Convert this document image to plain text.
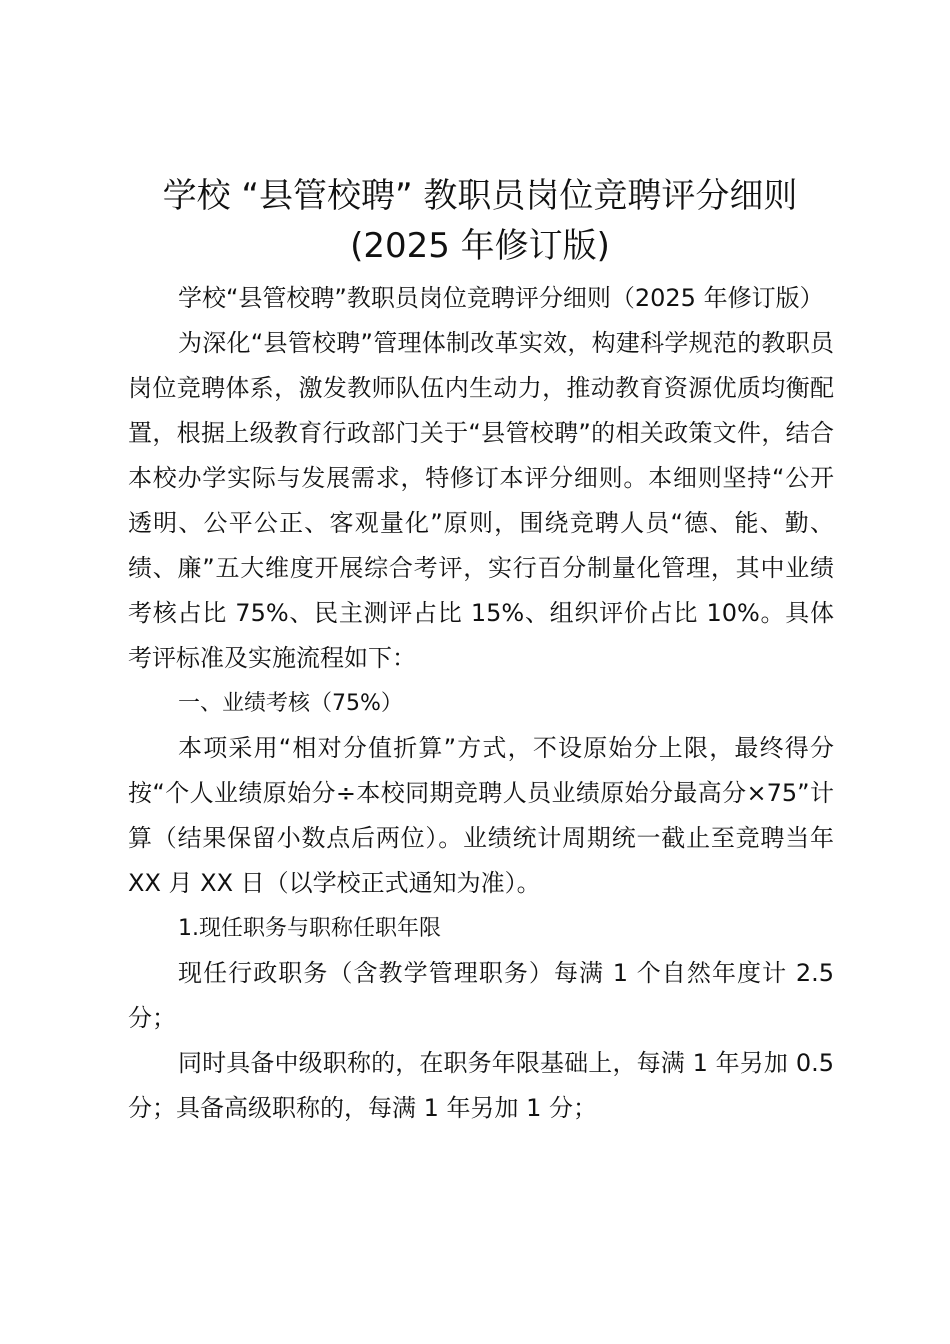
学校 “县管校聘” 教职员岗位竞聘评分细则
(2025 年修订版)

学校“县管校聘”教职员岗位竞聘评分细则（2025 年修订版）

为深化“县管校聘”管理体制改革实效，构建科学规范的教职员岗位竞聘体系，激发教师队伍内生动力，推动教育资源优质均衡配置，根据上级教育行政部门关于“县管校聘”的相关政策文件，结合本校办学实际与发展需求，特修订本评分细则。本细则坚持“公开透明、公平公正、客观量化”原则，围绕竞聘人员“德、能、勤、绩、廉”五大维度开展综合考评，实行百分制量化管理，其中业绩考核占比 75%、民主测评占比 15%、组织评价占比 10%。具体考评标准及实施流程如下：

一、业绩考核（75%）

本项采用“相对分值折算”方式，不设原始分上限，最终得分按“个人业绩原始分÷本校同期竞聘人员业绩原始分最高分×75”计算（结果保留小数点后两位）。业绩统计周期统一截止至竞聘当年 XX 月 XX 日（以学校正式通知为准）。

1.现任职务与职称任职年限

现任行政职务（含教学管理职务）每满 1 个自然年度计 2.5 分；

同时具备中级职称的，在职务年限基础上，每满 1 年另加 0.5 分；具备高级职称的，每满 1 年另加 1 分；
